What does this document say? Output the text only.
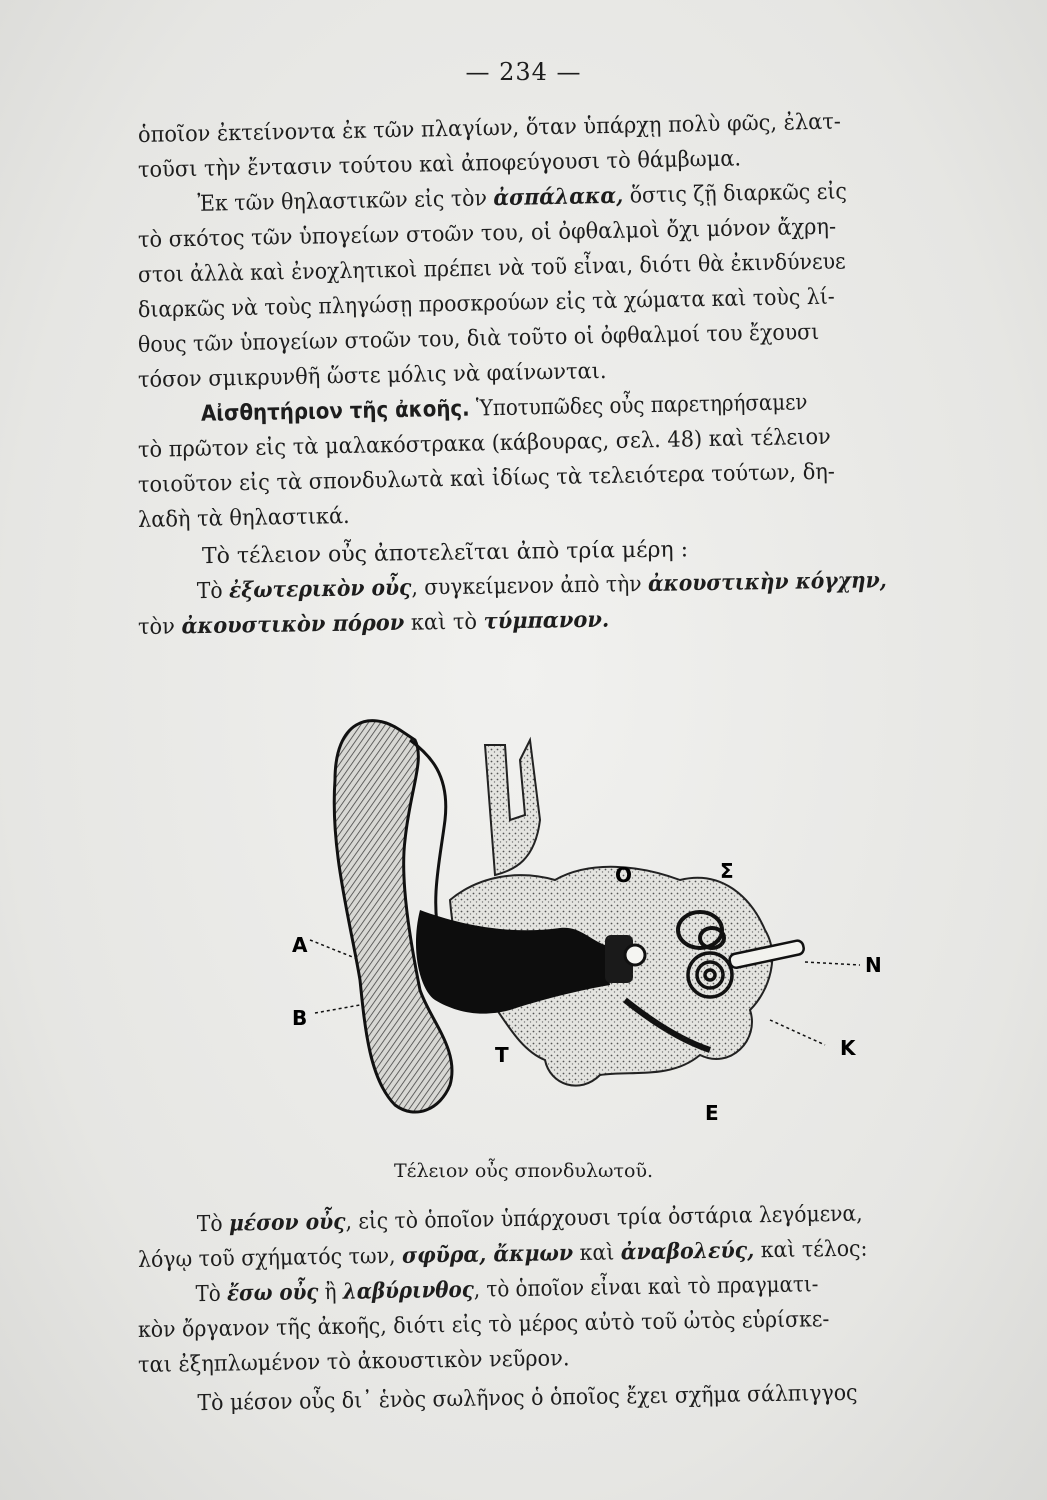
— 234 —
ὁποῖον ἐκτείνοντα ἐκ τῶν πλαγίων, ὅταν ὑπάρχῃ πολὺ φῶς, ἐλατ-
τοῦσι τὴν ἔντασιν τούτου καὶ ἀποφεύγουσι τὸ θάμβωμα.
Ἐκ τῶν θηλαστικῶν εἰς τὸν ἀσπάλακα, ὅστις ζῇ διαρκῶς εἰς
τὸ σκότος τῶν ὑπογείων στοῶν του, οἱ ὀφθαλμοὶ ὄχι μόνον ἄχρη-
στοι ἀλλὰ καὶ ἐνοχλητικοὶ πρέπει νὰ τοῦ εἶναι, διότι θὰ ἐκινδύνευε
διαρκῶς νὰ τοὺς πληγώσῃ προσκρούων εἰς τὰ χώματα καὶ τοὺς λί-
θους τῶν ὑπογείων στοῶν του, διὰ τοῦτο οἱ ὀφθαλμοί του ἔχουσι
τόσον σμικρυνθῆ ὥστε μόλις νὰ φαίνωνται.
Αἰσθητήριον τῆς ἀκοῆς. Ὑποτυπῶδες οὖς παρετηρήσαμεν
τὸ πρῶτον εἰς τὰ μαλακόστρακα (κάβουρας, σελ. 48) καὶ τέλειον
τοιοῦτον εἰς τὰ σπονδυλωτὰ καὶ ἰδίως τὰ τελειότερα τούτων, δη-
λαδὴ τὰ θηλαστικά.
Τὸ τέλειον οὖς ἀποτελεῖται ἀπὸ τρία μέρη :
Τὸ ἐξωτερικὸν οὖς, συγκείμενον ἀπὸ τὴν ἀκουστικὴν κόγχην,
τὸν ἀκουστικὸν πόρον καὶ τὸ τύμπανον.
A
B
T
O	Σ
N
K
E
Τέλειον οὖς σπονδυλωτοῦ.
Τὸ μέσον οὖς, εἰς τὸ ὁποῖον ὑπάρχουσι τρία ὀστάρια λεγόμενα,
λόγῳ τοῦ σχήματός των, σφῦρα, ἄκμων καὶ ἀναβολεύς, καὶ τέλος:
Τὸ ἔσω οὖς ἢ λαβύρινθος, τὸ ὁποῖον εἶναι καὶ τὸ πραγματι-
κὸν ὄργανον τῆς ἀκοῆς, διότι εἰς τὸ μέρος αὐτὸ τοῦ ὠτὸς εὑρίσκε-
ται ἐξηπλωμένον τὸ ἀκουστικὸν νεῦρον.
Τὸ μέσον οὖς δι᾿ ἑνὸς σωλῆνος ὁ ὁποῖος ἔχει σχῆμα σάλπιγγος
